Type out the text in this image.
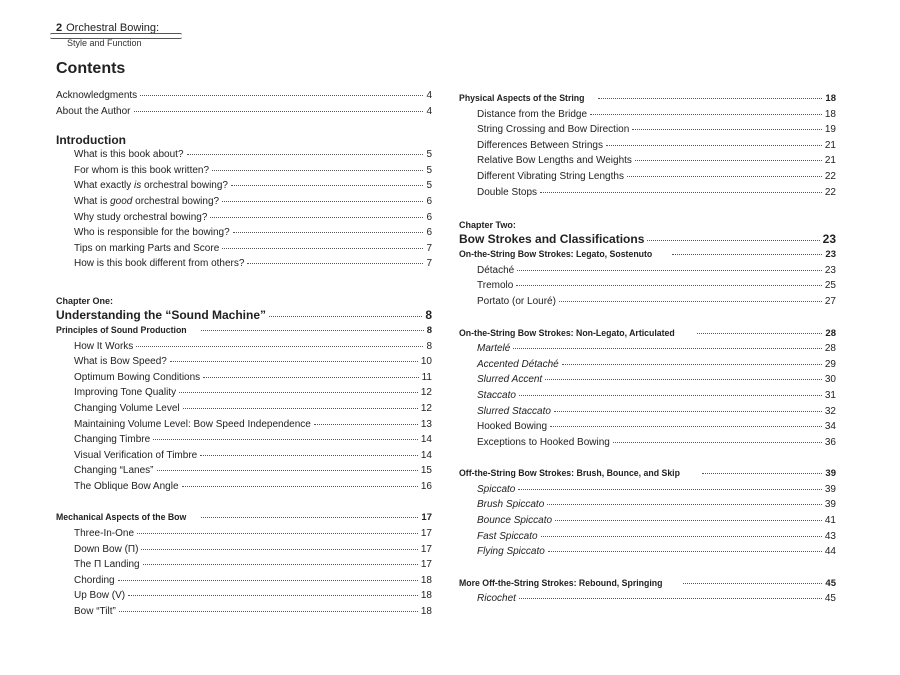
2 Orchestral Bowing:
Style and Function
Contents
Acknowledgments	4
About the Author	4
Introduction
What is this book about?	5
For whom is this book written?	5
What exactly is orchestral bowing?	5
What is good orchestral bowing?	6
Why study orchestral bowing?	6
Who is responsible for the bowing?	6
Tips on marking Parts and Score	7
How is this book different from others?	7
Chapter One:
Understanding the “Sound Machine”	8
Principles of Sound Production	8
How It Works	8
What is Bow Speed?	10
Optimum Bowing Conditions	11
Improving Tone Quality	12
Changing Volume Level	12
Maintaining Volume Level: Bow Speed Independence	13
Changing Timbre	14
Visual Verification of Timbre	14
Changing “Lanes”	15
The Oblique Bow Angle	16
Mechanical Aspects of the Bow	17
Three-In-One	17
Down Bow (Π)	17
The Π Landing	17
Chording	18
Up Bow (V)	18
Bow “Tilt”	18
Physical Aspects of the String	18
Distance from the Bridge	18
String Crossing and Bow Direction	19
Differences Between Strings	21
Relative Bow Lengths and Weights	21
Different Vibrating String Lengths	22
Double Stops	22
Chapter Two:
Bow Strokes and Classifications	23
On-the-String Bow Strokes: Legato, Sostenuto	23
Détaché	23
Tremolo	25
Portato (or Louré)	27
On-the-String Bow Strokes: Non-Legato, Articulated	28
Martelé	28
Accented Détaché	29
Slurred Accent	30
Staccato	31
Slurred Staccato	32
Hooked Bowing	34
Exceptions to Hooked Bowing	36
Off-the-String Bow Strokes: Brush, Bounce, and Skip	39
Spiccato	39
Brush Spiccato	39
Bounce Spiccato	41
Fast Spiccato	43
Flying Spiccato	44
More Off-the-String Strokes: Rebound, Springing	45
Ricochet	45
